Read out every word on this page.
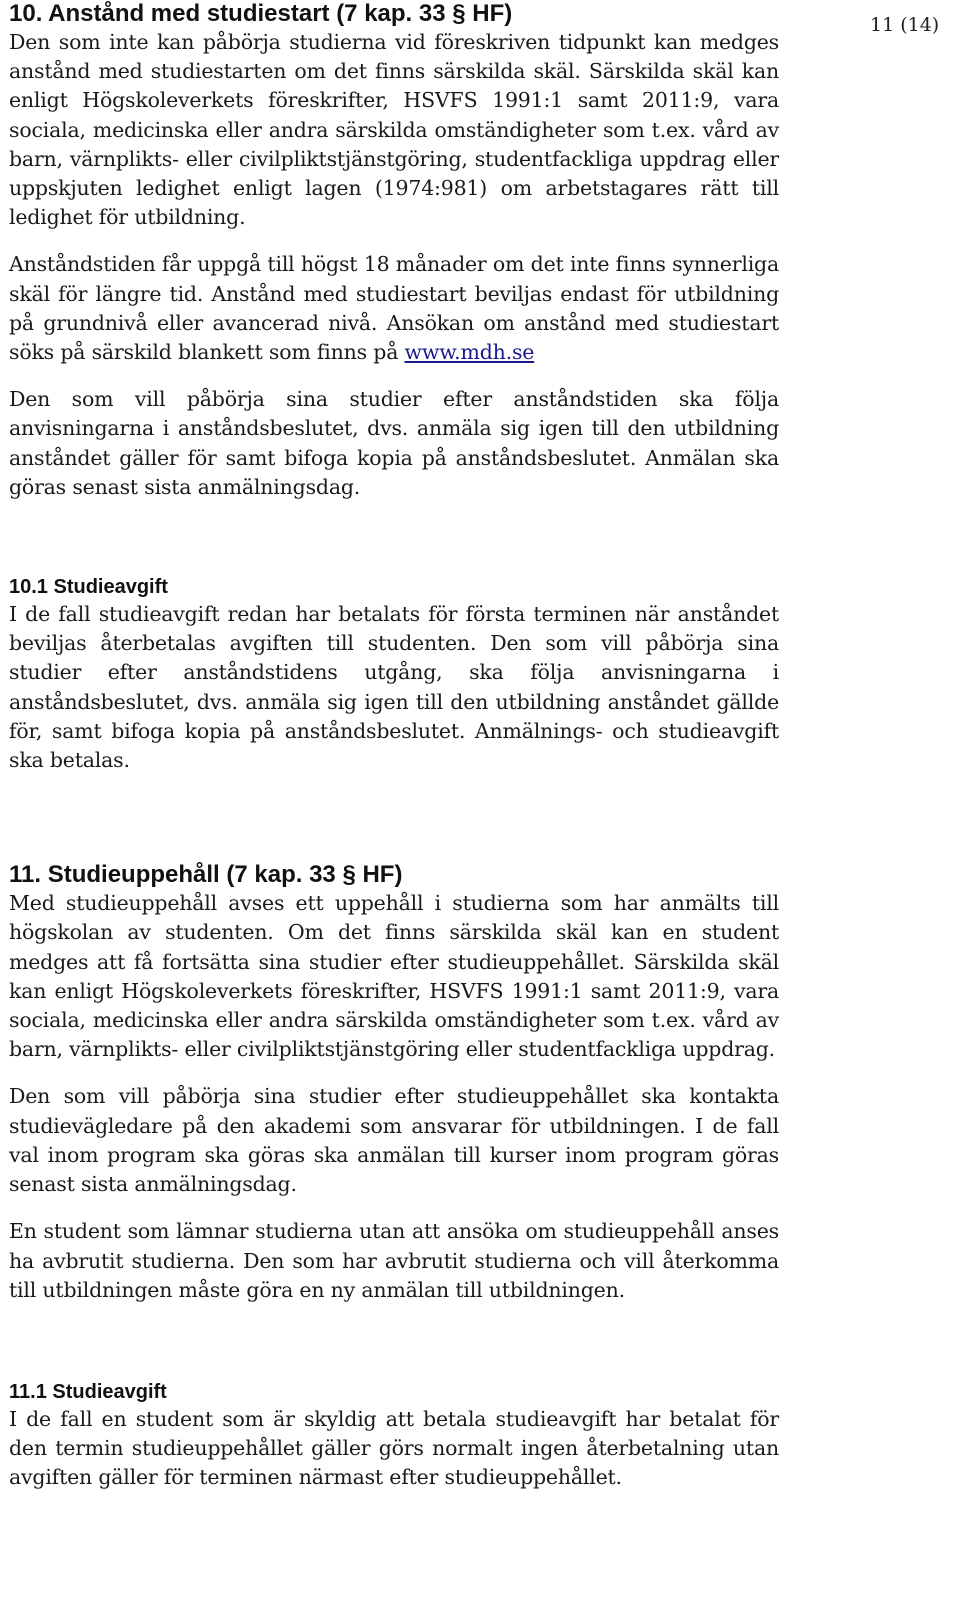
11 (14)
10. Anstånd med studiestart (7 kap. 33 § HF)

Den som inte kan påbörja studierna vid föreskriven tidpunkt kan medges anstånd med studiestarten om det finns särskilda skäl. Särskilda skäl kan enligt Högskoleverkets föreskrifter, HSVFS 1991:1 samt 2011:9, vara sociala, medicinska eller andra särskilda omständigheter som t.ex. vård av barn, värnplikts- eller civilpliktstjänstgöring, studentfackliga uppdrag eller uppskjuten ledighet enligt lagen (1974:981) om arbetstagares rätt till ledighet för utbildning.

Anståndstiden får uppgå till högst 18 månader om det inte finns synnerliga skäl för längre tid. Anstånd med studiestart beviljas endast för utbildning på grundnivå eller avancerad nivå. Ansökan om anstånd med studiestart söks på särskild blankett som finns på www.mdh.se

Den som vill påbörja sina studier efter anståndstiden ska följa anvisningarna i anståndsbeslutet, dvs. anmäla sig igen till den utbildning anståndet gäller för samt bifoga kopia på anståndsbeslutet. Anmälan ska göras senast sista anmälningsdag.

10.1 Studieavgift

I de fall studieavgift redan har betalats för första terminen när anståndet beviljas återbetalas avgiften till studenten. Den som vill påbörja sina studier efter anståndstidens utgång, ska följa anvisningarna i anståndsbeslutet, dvs. anmäla sig igen till den utbildning anståndet gällde för, samt bifoga kopia på anståndsbeslutet. Anmälnings- och studieavgift ska betalas.

11. Studieuppehåll (7 kap. 33 § HF)

Med studieuppehåll avses ett uppehåll i studierna som har anmälts till högskolan av studenten. Om det finns särskilda skäl kan en student medges att få fortsätta sina studier efter studieuppehållet. Särskilda skäl kan enligt Högskoleverkets föreskrifter, HSVFS 1991:1 samt 2011:9, vara sociala, medicinska eller andra särskilda omständigheter som t.ex. vård av barn, värnplikts- eller civilpliktstjänstgöring eller studentfackliga uppdrag.

Den som vill påbörja sina studier efter studieuppehållet ska kontakta studievägledare på den akademi som ansvarar för utbildningen. I de fall val inom program ska göras ska anmälan till kurser inom program göras senast sista anmälningsdag.

En student som lämnar studierna utan att ansöka om studieuppehåll anses ha avbrutit studierna. Den som har avbrutit studierna och vill återkomma till utbildningen måste göra en ny anmälan till utbildningen.

11.1 Studieavgift

I de fall en student som är skyldig att betala studieavgift har betalat för den termin studieuppehållet gäller görs normalt ingen återbetalning utan avgiften gäller för terminen närmast efter studieuppehållet.
